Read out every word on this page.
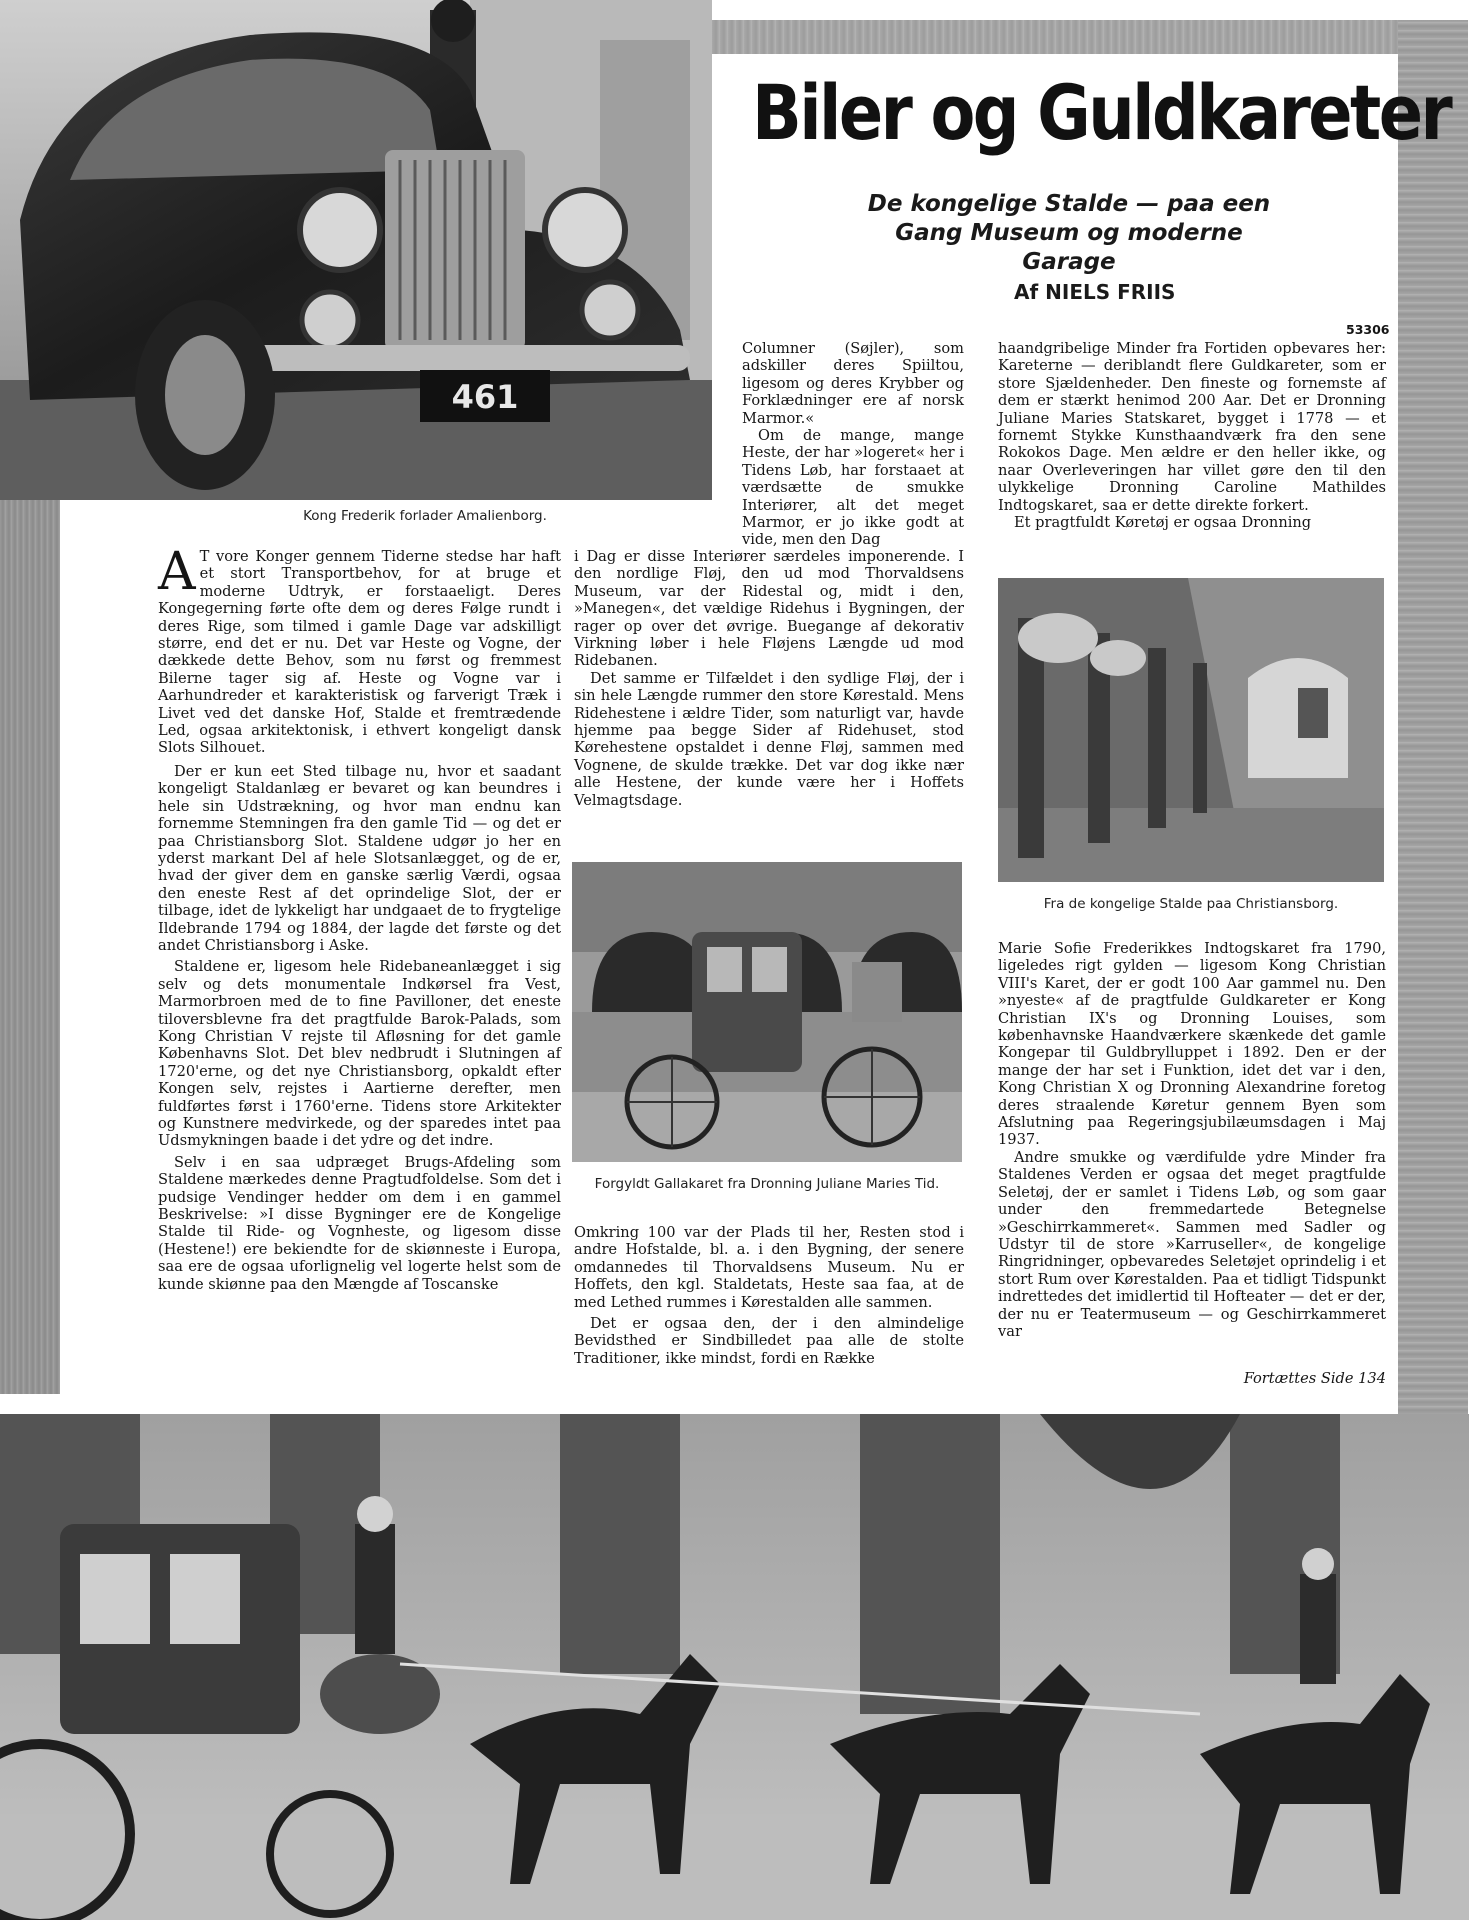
461
Kong Frederik forlader Amalienborg.
Biler og Guldkareter
De kongelige Stalde — paa een Gang Museum og moderne Garage
Af NIELS FRIIS
53306

A T vore Konger gennem Tiderne stedse har haft et stort Transportbehov, for at bruge et moderne Udtryk, er forstaaeligt. Deres Kongegerning førte ofte dem og deres Følge rundt i deres Rige, som tilmed i gamle Dage var adskilligt større, end det er nu. Det var Heste og Vogne, der dækkede dette Behov, som nu først og fremmest Bilerne tager sig af. Heste og Vogne var i Aarhundreder et karakteristisk og farverigt Træk i Livet ved det danske Hof, Stalde et fremtrædende Led, ogsaa arkitektonisk, i ethvert kongeligt dansk Slots Silhouet.

Der er kun eet Sted tilbage nu, hvor et saadant kongeligt Staldanlæg er bevaret og kan beundres i hele sin Udstrækning, og hvor man endnu kan fornemme Stemningen fra den gamle Tid — og det er paa Christiansborg Slot. Staldene udgør jo her en yderst markant Del af hele Slotsanlægget, og de er, hvad der giver dem en ganske særlig Værdi, ogsaa den eneste Rest af det oprindelige Slot, der er tilbage, idet de lykkeligt har undgaaet de to frygtelige Ildebrande 1794 og 1884, der lagde det første og det andet Christiansborg i Aske.

Staldene er, ligesom hele Ridebaneanlægget i sig selv og dets monumentale Indkørsel fra Vest, Marmorbroen med de to fine Pavilloner, det eneste tiloversblevne fra det pragtfulde Barok-Palads, som Kong Christian V rejste til Afløsning for det gamle Københavns Slot. Det blev nedbrudt i Slutningen af 1720'erne, og det nye Christiansborg, opkaldt efter Kongen selv, rejstes i Aartierne derefter, men fuldførtes først i 1760'erne. Tidens store Arkitekter og Kunstnere medvirkede, og der sparedes intet paa Udsmykningen baade i det ydre og det indre.

Selv i en saa udpræget Brugs-Afdeling som Staldene mærkedes denne Pragtudfoldelse. Som det i pudsige Vendinger hedder om dem i en gammel Beskrivelse: »I disse Bygninger ere de Kongelige Stalde til Ride- og Vognheste, og ligesom disse (Hestene!) ere bekiendte for de skiønneste i Europa, saa ere de ogsaa uforlignelig vel logerte helst som de kunde skiønne paa den Mængde af Toscanske

Columner (Søjler), som adskiller deres Spiiltou, ligesom og deres Krybber og Forklædninger ere af norsk Marmor.«

Om de mange, mange Heste, der har »logeret« her i Tidens Løb, har forstaaet at værdsætte de smukke Interiører, alt det meget Marmor, er jo ikke godt at vide, men den Dag

i Dag er disse Interiører særdeles imponerende. I den nordlige Fløj, den ud mod Thorvaldsens Museum, var der Ridestal og, midt i den, »Manegen«, det vældige Ridehus i Bygningen, der rager op over det øvrige. Buegange af dekorativ Virkning løber i hele Fløjens Længde ud mod Ridebanen.

Det samme er Tilfældet i den sydlige Fløj, der i sin hele Længde rummer den store Kørestald. Mens Ridehestene i ældre Tider, som naturligt var, havde hjemme paa begge Sider af Ridehuset, stod Kørehestene opstaldet i denne Fløj, sammen med Vognene, de skulde trække. Det var dog ikke nær alle Hestene, der kunde være her i Hoffets Velmagtsdage.

Forgyldt Gallakaret fra Dronning Juliane Maries Tid.

Omkring 100 var der Plads til her, Resten stod i andre Hofstalde, bl. a. i den Bygning, der senere omdannedes til Thorvaldsens Museum. Nu er Hoffets, den kgl. Staldetats, Heste saa faa, at de med Lethed rummes i Kørestalden alle sammen.

Det er ogsaa den, der i den almindelige Bevidsthed er Sindbilledet paa alle de stolte Traditioner, ikke mindst, fordi en Række

haandgribelige Minder fra Fortiden opbevares her: Kareterne — deriblandt flere Guldkareter, som er store Sjældenheder. Den fineste og fornemste af dem er stærkt henimod 200 Aar. Det er Dronning Juliane Maries Statskaret, bygget i 1778 — et fornemt Stykke Kunsthaandværk fra den sene Rokokos Dage. Men ældre er den heller ikke, og naar Overleveringen har villet gøre den til den ulykkelige Dronning Caroline Mathildes Indtogskaret, saa er dette direkte forkert.

Et pragtfuldt Køretøj er ogsaa Dronning

Fra de kongelige Stalde paa Christiansborg.

Marie Sofie Frederikkes Indtogskaret fra 1790, ligeledes rigt gylden — ligesom Kong Christian VIII's Karet, der er godt 100 Aar gammel nu. Den »nyeste« af de pragtfulde Guldkareter er Kong Christian IX's og Dronning Louises, som københavnske Haandværkere skænkede det gamle Kongepar til Guldbrylluppet i 1892. Den er der mange der har set i Funktion, idet det var i den, Kong Christian X og Dronning Alexandrine foretog deres straalende Køretur gennem Byen som Afslutning paa Regeringsjubilæumsdagen i Maj 1937.

Andre smukke og værdifulde ydre Minder fra Staldenes Verden er ogsaa det meget pragtfulde Seletøj, der er samlet i Tidens Løb, og som gaar under den fremmedartede Betegnelse »Geschirrkammeret«. Sammen med Sadler og Udstyr til de store »Karruseller«, de kongelige Ringridninger, opbevaredes Seletøjet oprindelig i et stort Rum over Kørestalden. Paa et tidligt Tidspunkt indrettedes det imidlertid til Hofteater — det er der, der nu er Teatermuseum — og Geschirrkammeret var

Fortættes Side 134
